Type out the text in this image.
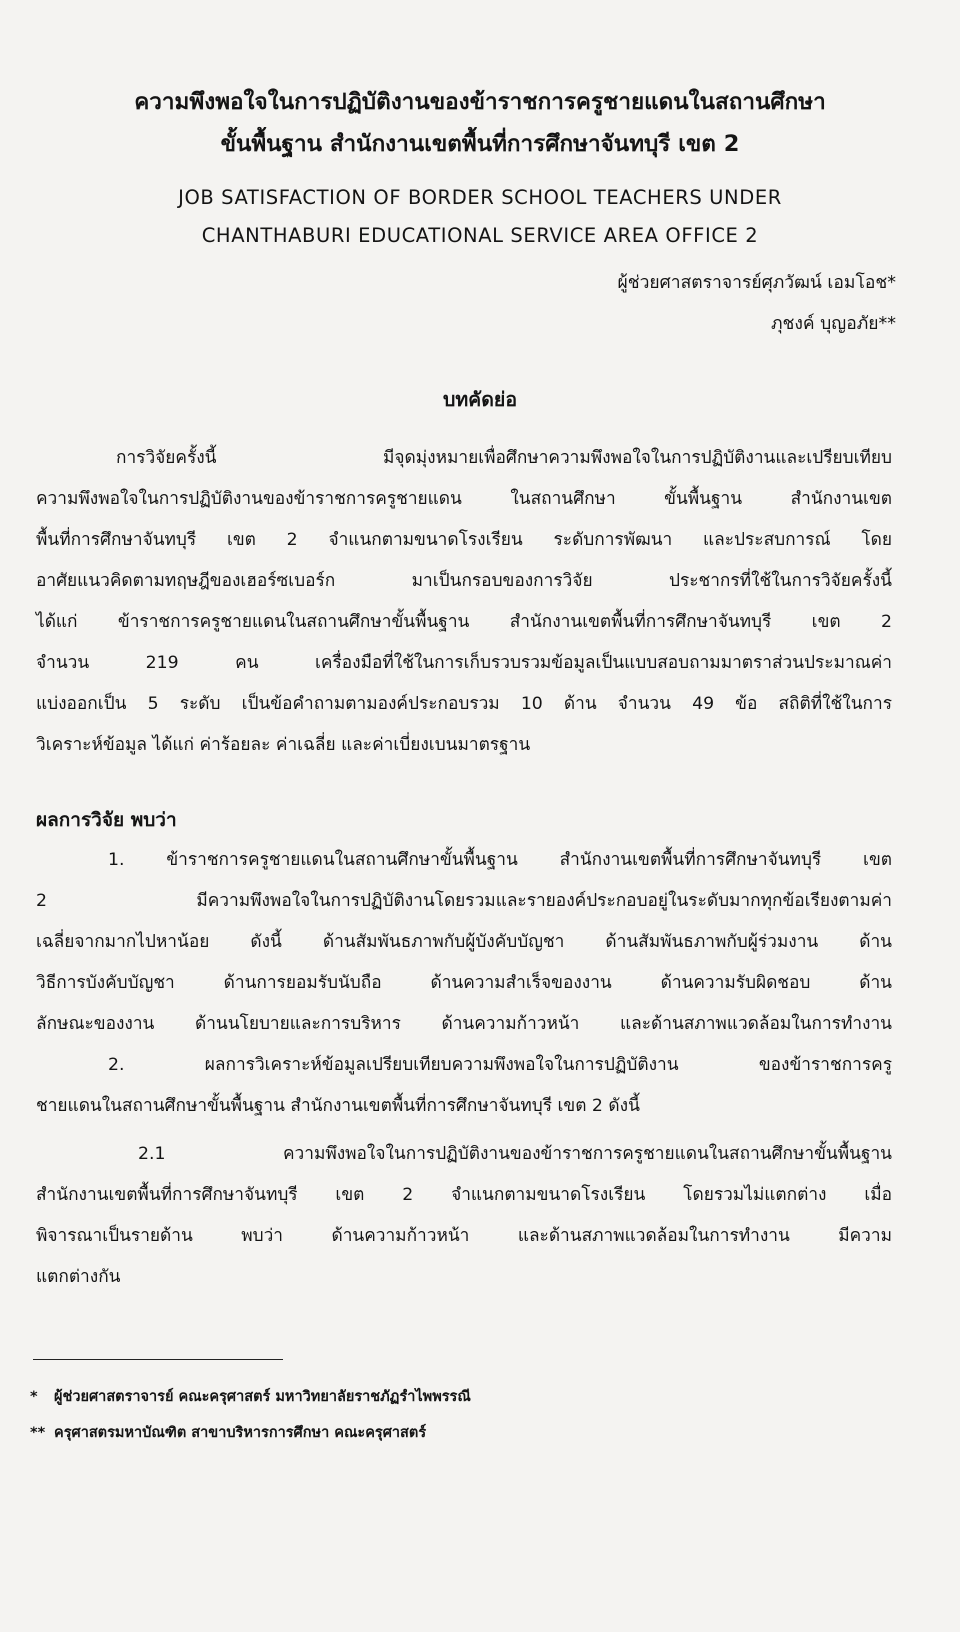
ความพึงพอใจในการปฏิบัติงานของข้าราชการครูชายแดนในสถานศึกษา
ขั้นพื้นฐาน สำนักงานเขตพื้นที่การศึกษาจันทบุรี เขต 2
JOB SATISFACTION OF BORDER SCHOOL TEACHERS UNDER
CHANTHABURI EDUCATIONAL SERVICE AREA OFFICE 2
ผู้ช่วยศาสตราจารย์ศุภวัฒน์ เอมโอช*
ภุชงค์ บุญอภัย**
บทคัดย่อ
การวิจัยครั้งนี้ มีจุดมุ่งหมายเพื่อศึกษาความพึงพอใจในการปฏิบัติงานและเปรียบเทียบ
ความพึงพอใจในการปฏิบัติงานของข้าราชการครูชายแดน ในสถานศึกษา ขั้นพื้นฐาน สำนักงานเขต
พื้นที่การศึกษาจันทบุรี เขต 2 จำแนกตามขนาดโรงเรียน ระดับการพัฒนา และประสบการณ์ โดย
อาศัยแนวคิดตามทฤษฎีของเฮอร์ซเบอร์ก มาเป็นกรอบของการวิจัย ประชากรที่ใช้ในการวิจัยครั้งนี้
ได้แก่ ข้าราชการครูชายแดนในสถานศึกษาขั้นพื้นฐาน สำนักงานเขตพื้นที่การศึกษาจันทบุรี เขต 2
จำนวน 219 คน เครื่องมือที่ใช้ในการเก็บรวบรวมข้อมูลเป็นแบบสอบถามมาตราส่วนประมาณค่า
แบ่งออกเป็น 5 ระดับ เป็นข้อคำถามตามองค์ประกอบรวม 10 ด้าน จำนวน 49 ข้อ สถิติที่ใช้ในการ
วิเคราะห์ข้อมูล ได้แก่ ค่าร้อยละ ค่าเฉลี่ย และค่าเบี่ยงเบนมาตรฐาน
ผลการวิจัย พบว่า
1. ข้าราชการครูชายแดนในสถานศึกษาขั้นพื้นฐาน สำนักงานเขตพื้นที่การศึกษาจันทบุรี เขต
2 มีความพึงพอใจในการปฏิบัติงานโดยรวมและรายองค์ประกอบอยู่ในระดับมากทุกข้อเรียงตามค่า
เฉลี่ยจากมากไปหาน้อย ดังนี้ ด้านสัมพันธภาพกับผู้บังคับบัญชา ด้านสัมพันธภาพกับผู้ร่วมงาน ด้าน
วิธีการบังคับบัญชา ด้านการยอมรับนับถือ ด้านความสำเร็จของงาน ด้านความรับผิดชอบ ด้าน
ลักษณะของงาน ด้านนโยบายและการบริหาร ด้านความก้าวหน้า และด้านสภาพแวดล้อมในการทำงาน
2. ผลการวิเคราะห์ข้อมูลเปรียบเทียบความพึงพอใจในการปฏิบัติงาน ของข้าราชการครู
ชายแดนในสถานศึกษาขั้นพื้นฐาน สำนักงานเขตพื้นที่การศึกษาจันทบุรี เขต 2 ดังนี้
2.1 ความพึงพอใจในการปฏิบัติงานของข้าราชการครูชายแดนในสถานศึกษาขั้นพื้นฐาน
สำนักงานเขตพื้นที่การศึกษาจันทบุรี เขต 2 จำแนกตามขนาดโรงเรียน โดยรวมไม่แตกต่าง เมื่อ
พิจารณาเป็นรายด้าน พบว่า ด้านความก้าวหน้า และด้านสภาพแวดล้อมในการทำงาน มีความ
แตกต่างกัน
* ผู้ช่วยศาสตราจารย์ คณะครุศาสตร์ มหาวิทยาลัยราชภัฏรำไพพรรณี
** ครุศาสตรมหาบัณฑิต สาขาบริหารการศึกษา คณะครุศาสตร์
